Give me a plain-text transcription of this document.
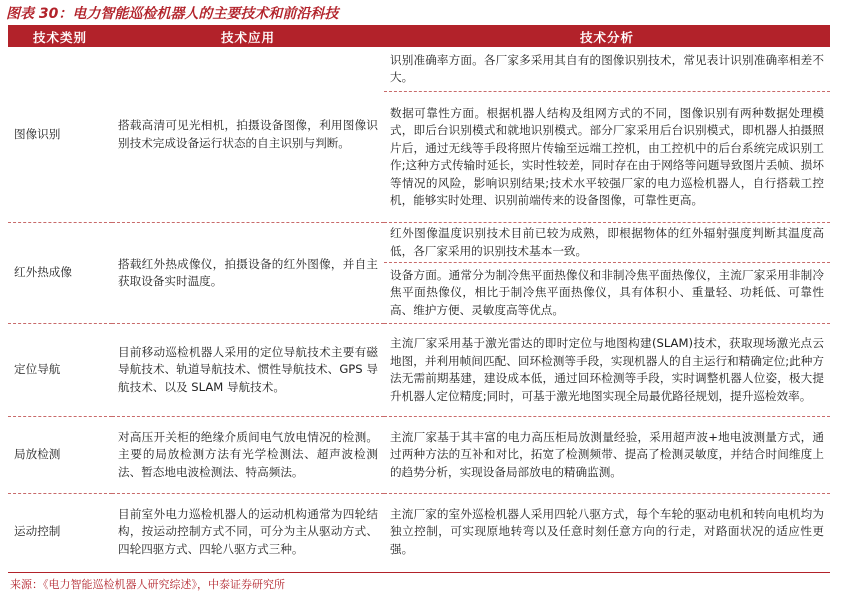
图表 30：电力智能巡检机器人的主要技术和前沿科技
技术类别	技术应用	技术分析
图像识别	搭载高清可见光相机，拍摄设备图像，利用图像识别技术完成设备运行状态的自主识别与判断。	识别准确率方面。各厂家多采用其自有的图像识别技术，常见表计识别准确率相差不大。
		数据可靠性方面。根据机器人结构及组网方式的不同，图像识别有两种数据处理模式，即后台识别模式和就地识别模式。部分厂家采用后台识别模式，即机器人拍摄照片后，通过无线等手段将照片传输至远端工控机，由工控机中的后台系统完成识别工作;这种方式传输时延长，实时性较差，同时存在由于网络等问题导致图片丢帧、损坏等情况的风险，影响识别结果;技术水平较强厂家的电力巡检机器人，自行搭载工控机，能够实时处理、识别前端传来的设备图像，可靠性更高。
红外热成像	搭载红外热成像仪，拍摄设备的红外图像，并自主获取设备实时温度。	红外图像温度识别技术目前已较为成熟，即根据物体的红外辐射强度判断其温度高低，各厂家采用的识别技术基本一致。
		设备方面。通常分为制冷焦平面热像仪和非制冷焦平面热像仪，主流厂家采用非制冷焦平面热像仪，相比于制冷焦平面热像仪，具有体积小、重量轻、功耗低、可靠性高、维护方便、灵敏度高等优点。
定位导航	目前移动巡检机器人采用的定位导航技术主要有磁导航技术、轨道导航技术、惯性导航技术、GPS 导航技术、以及 SLAM 导航技术。	主流厂家采用基于激光雷达的即时定位与地图构建(SLAM)技术，获取现场激光点云地图，并利用帧间匹配、回环检测等手段，实现机器人的自主运行和精确定位;此种方法无需前期基建，建设成本低，通过回环检测等手段，实时调整机器人位姿，极大提升机器人定位精度;同时，可基于激光地图实现全局最优路径规划，提升巡检效率。
局放检测	对高压开关柜的绝缘介质间电气放电情况的检测。主要的局放检测方法有光学检测法、超声波检测法、暂态地电波检测法、特高频法。	主流厂家基于其丰富的电力高压柜局放测量经验，采用超声波+地电波测量方式，通过两种方法的互补和对比，拓宽了检测频带、提高了检测灵敏度，并结合时间维度上的趋势分析，实现设备局部放电的精确监测。
运动控制	目前室外电力巡检机器人的运动机构通常为四轮结构，按运动控制方式不同，可分为主从驱动方式、四轮四驱方式、四轮八驱方式三种。	主流厂家的室外巡检机器人采用四轮八驱方式，每个车轮的驱动电机和转向电机均为独立控制，可实现原地转弯以及任意时刻任意方向的行走，对路面状况的适应性更强。
来源：《电力智能巡检机器人研究综述》，中泰证券研究所
